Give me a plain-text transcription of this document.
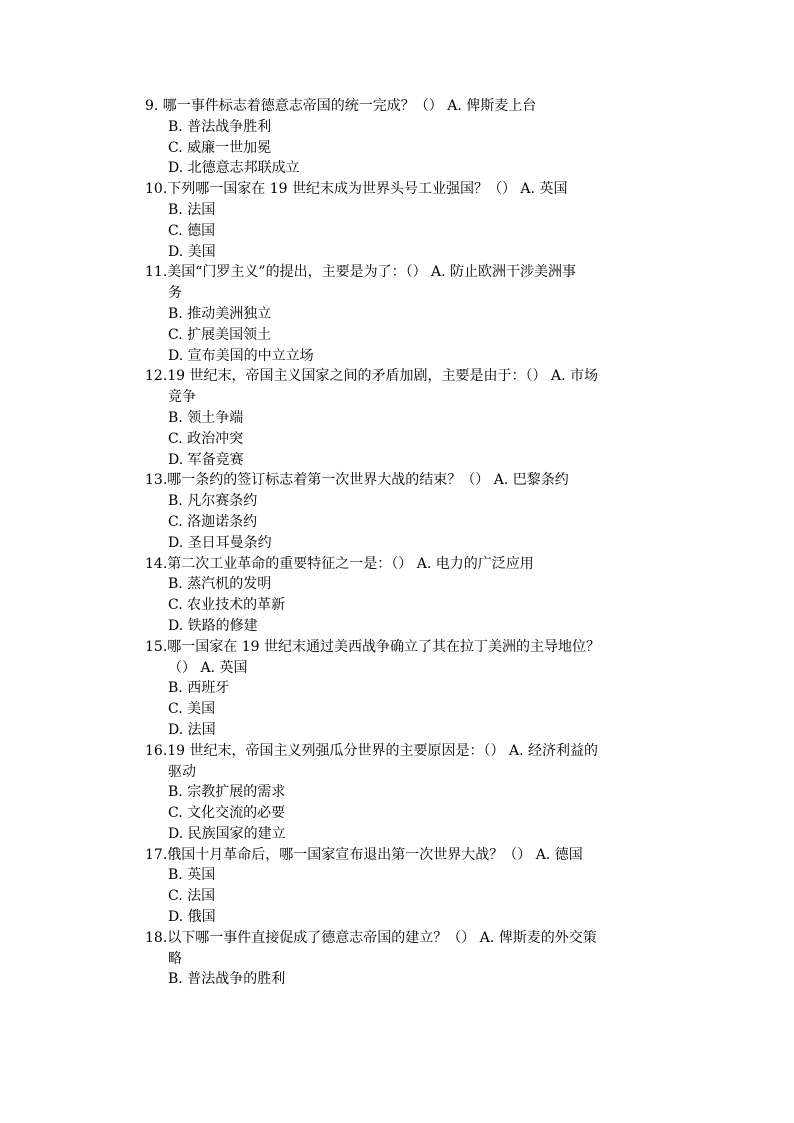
9. 哪一事件标志着德意志帝国的统一完成？（） A. 俾斯麦上台
B. 普法战争胜利
C. 威廉一世加冕
D. 北德意志邦联成立
10.下列哪一国家在 19 世纪末成为世界头号工业强国？（） A. 英国
B. 法国
C. 德国
D. 美国
11.美国“门罗主义”的提出，主要是为了：（） A. 防止欧洲干涉美洲事
务
B. 推动美洲独立
C. 扩展美国领土
D. 宣布美国的中立立场
12.19 世纪末，帝国主义国家之间的矛盾加剧，主要是由于：（） A. 市场
竞争
B. 领土争端
C. 政治冲突
D. 军备竞赛
13.哪一条约的签订标志着第一次世界大战的结束？（） A. 巴黎条约
B. 凡尔赛条约
C. 洛迦诺条约
D. 圣日耳曼条约
14.第二次工业革命的重要特征之一是：（） A. 电力的广泛应用
B. 蒸汽机的发明
C. 农业技术的革新
D. 铁路的修建
15.哪一国家在 19 世纪末通过美西战争确立了其在拉丁美洲的主导地位？
（） A. 英国
B. 西班牙
C. 美国
D. 法国
16.19 世纪末，帝国主义列强瓜分世界的主要原因是：（） A. 经济利益的
驱动
B. 宗教扩展的需求
C. 文化交流的必要
D. 民族国家的建立
17.俄国十月革命后，哪一国家宣布退出第一次世界大战？（） A. 德国
B. 英国
C. 法国
D. 俄国
18.以下哪一事件直接促成了德意志帝国的建立？（） A. 俾斯麦的外交策
略
B. 普法战争的胜利
